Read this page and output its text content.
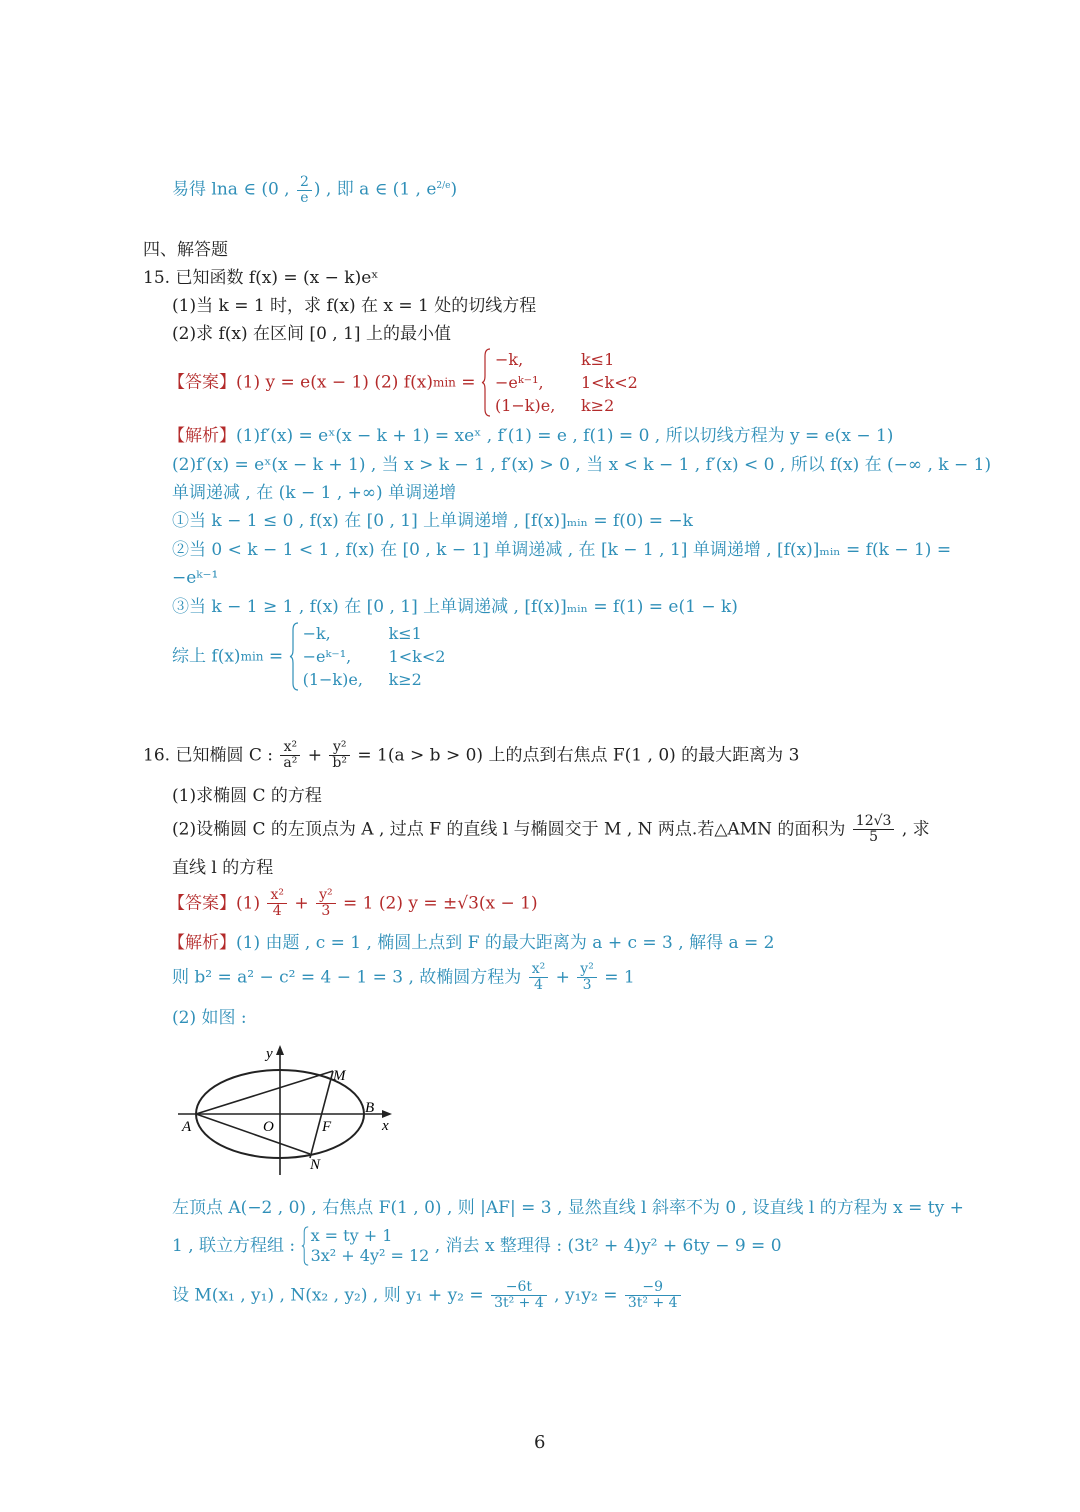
易得 lna ∈ (0 , $\frac{2}{e}$ ) , 即 a ∈ (1 , $e^{2/e}$)
四、解答题
15. 已知函数 f(x) = (x − k)eˣ
(1)当 k = 1 时，求 f(x) 在 x = 1 处的切线方程
(2)求 f(x) 在区间 [0 , 1] 上的最小值
【答案】(1) y = e(x − 1) (2) f(x)min =
−k,	k≤1
−eᵏ⁻¹,	1<k<2
(1−k)e,	k≥2
【解析】(1)f′(x) = eˣ(x − k + 1) = xeˣ , f′(1) = e , f(1) = 0 , 所以切线方程为 y = e(x − 1)
(2)f′(x) = eˣ(x − k + 1) , 当 x > k − 1 , f′(x) > 0 , 当 x < k − 1 , f′(x) < 0 , 所以 f(x) 在 (−∞ , k − 1)
单调递减 , 在 (k − 1 , +∞) 单调递增
①当 k − 1 ≤ 0 , f(x) 在 [0 , 1] 上单调递增 , [f(x)]ₘᵢₙ = f(0) = −k
②当 0 < k − 1 < 1 , f(x) 在 [0 , k − 1] 单调递减 , 在 [k − 1 , 1] 单调递增 , [f(x)]ₘᵢₙ = f(k − 1) =
−eᵏ⁻¹
③当 k − 1 ≥ 1 , f(x) 在 [0 , 1] 上单调递减 , [f(x)]ₘᵢₙ = f(1) = e(1 − k)
综上 f(x)min =
−k,	k≤1
−eᵏ⁻¹,	1<k<2
(1−k)e,	k≥2
16. 已知椭圆 C : $\frac{\text{x²}}{\text{a²}} + \frac{\text{y²}}{\text{b²}} = 1(a > b > 0)$ 上的点到右焦点 F(1 , 0) 的最大距离为 3
(1)求椭圆 C 的方程
(2)设椭圆 C 的左顶点为 A , 过点 F 的直线 l 与椭圆交于 M , N 两点.若△AMN 的面积为 $\frac{12√3}{5}$ , 求
直线 l 的方程
【答案】$(1) \frac{\text{x²}}{4} + \frac{\text{y²}}{3} = 1$ (2) y = ±√3(x − 1)
【解析】(1) 由题 , c = 1 , 椭圆上点到 F 的最大距离为 a + c = 3 , 解得 a = 2
则 b² = a² − c² = 4 − 1 = 3 , 故椭圆方程为 $\frac{\text{x²}}{4} + \frac{\text{y²}}{3} = 1$
(2) 如图 :
y
x
A	O	F
B
M
N
左顶点 A(−2 , 0) , 右焦点 F(1 , 0) , 则 |AF| = 3 , 显然直线 l 斜率不为 0 , 设直线 l 的方程为 x = ty +
1 , 联立方程组 :
x = ty + 1
3x² + 4y² = 12 , 消去 x 整理得 : (3t² + 4)y² + 6ty − 9 = 0
设 M(x₁ , y₁) , N(x₂ , y₂) , 则 $y_1 + y_2 = \frac{-6t}{\text{3t² + 4}}$ , $y_1y_2 = \frac{-9}{\text{3t² + 4}}$
6
